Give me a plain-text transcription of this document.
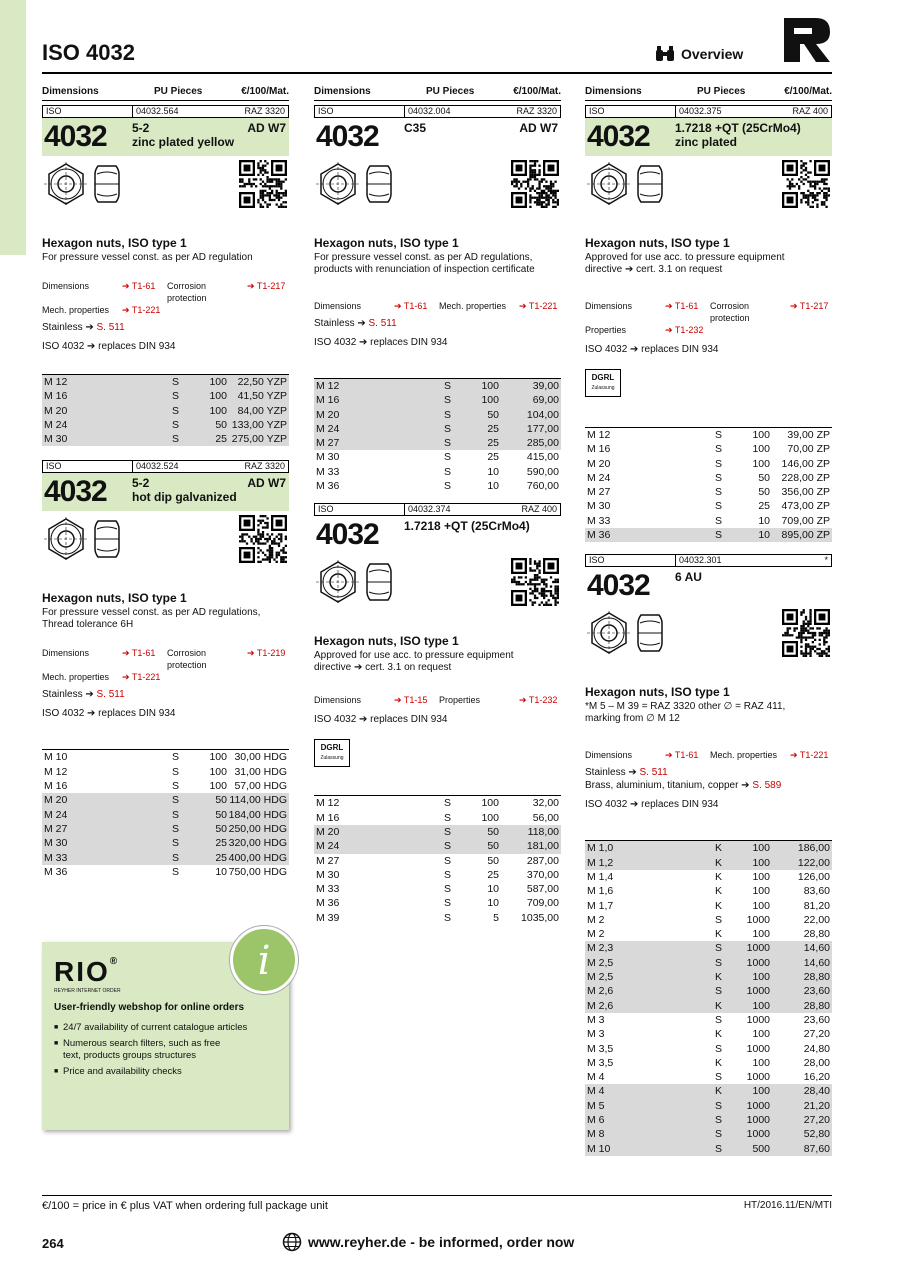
ISO 4032	Overview
Dimensions	PU Pieces	€/100/Mat.
ISO	04032.564	RAZ 3320
4032	5-2
zinc plated yellow
AD W7
Hexagon nuts, ISO type 1
For pressure vessel const. as per AD regulation
Dimensions	➔ T1-61	Corrosion protection
➔ T1-217
Mech. properties	➔ T1-221
Stainless ➔ S. 511
ISO 4032 ➔ replaces DIN 934
M 12	S	100	22,50 YZP
M 16	S	100	41,50 YZP
M 20	S	100	84,00 YZP
M 24	S	50 133,00 YZP
M 30	S	25 275,00 YZP
ISO	04032.524	RAZ 3320
4032	5-2
hot dip galvanized
AD W7
Hexagon nuts, ISO type 1
For pressure vessel const. as per AD regulations,
Thread tolerance 6H
Dimensions	➔ T1-61	Corrosion protection
➔ T1-219
Mech. properties	➔ T1-221
Stainless ➔ S. 511
ISO 4032 ➔ replaces DIN 934
M 10	S	100 30,00 HDG
M 12	S	100 31,00 HDG
M 16	S	100 57,00 HDG
M 20	S	50 114,00 HDG
M 24	S	50 184,00 HDG
M 27	S	50 250,00 HDG
M 30	S	25 320,00 HDG
M 33	S	25 400,00 HDG
M 36	S	10 750,00 HDG
Dimensions	PU Pieces	€/100/Mat.
ISO	04032.004	RAZ 3320
4032	C35	AD W7
Hexagon nuts, ISO type 1
For pressure vessel const. as per AD regulations,
products with renunciation of inspection certificate
Dimensions	➔ T1-61	Mech. properties	➔ T1-221
Stainless ➔ S. 511
ISO 4032 ➔ replaces DIN 934
M 12	S	100	39,00
M 16	S	100	69,00
M 20	S	50	104,00
M 24	S	25	177,00
M 27	S	25	285,00
M 30	S	25	415,00
M 33	S	10	590,00
M 36	S	10	760,00
ISO	04032.374	RAZ 400
4032	1.7218 +QT (25CrMo4)

Hexagon nuts, ISO type 1
Approved for use acc. to pressure equipment
directive ➔ cert. 3.1 on request
Dimensions	➔ T1-15	Properties	➔ T1-232
ISO 4032 ➔ replaces DIN 934
DGRL
Zulassung
M 12	S	100	32,00
M 16	S	100	56,00
M 20	S	50	118,00
M 24	S	50	181,00
M 27	S	50	287,00
M 30	S	25	370,00
M 33	S	10	587,00
M 36	S	10	709,00
M 39	S	5	1035,00
Dimensions	PU Pieces	€/100/Mat.
ISO	04032.375	RAZ 400
4032	1.7218 +QT (25CrMo4)
zinc plated
Hexagon nuts, ISO type 1
Approved for use acc. to pressure equipment
directive ➔ cert. 3.1 on request
Dimensions	➔ T1-61	Corrosion protection
➔ T1-217
Properties	➔ T1-232
ISO 4032 ➔ replaces DIN 934
DGRL
Zulassung
M 12	S	100	39,00 ZP
M 16	S	100	70,00 ZP
M 20	S	100	146,00 ZP
M 24	S	50	228,00 ZP
M 27	S	50	356,00 ZP
M 30	S	25	473,00 ZP
M 33	S	10	709,00 ZP
M 36	S	10	895,00 ZP
ISO	04032.301	*
4032	6 AU

Hexagon nuts, ISO type 1
*M 5 – M 39 = RAZ 3320 other ∅ = RAZ 411,
marking from ∅ M 12
Dimensions	➔ T1-61	Mech. properties	➔ T1-221
Stainless ➔ S. 511
Brass, aluminium, titanium, copper ➔ S. 589
ISO 4032 ➔ replaces DIN 934
M 1,0	K	100	186,00
M 1,2	K	100	122,00
M 1,4	K	100	126,00
M 1,6	K	100	83,60
M 1,7	K	100	81,20
M 2	S	1000	22,00
M 2	K	100	28,80
M 2,3	S	1000	14,60
M 2,5	S	1000	14,60
M 2,5	K	100	28,80
M 2,6	S	1000	23,60
M 2,6	K	100	28,80
M 3	S	1000	23,60
M 3	K	100	27,20
M 3,5	S	1000	24,80
M 3,5	K	100	28,00
M 4	S	1000	16,20
M 4	K	100	28,40
M 5	S	1000	21,20
M 6	S	1000	27,20
M 8	S	1000	52,80
M 10	S	500	87,60
RIO®
REYHER INTERNET ORDER
User-friendly webshop for online orders
■ 24/7 availability of current catalogue articles
■ Numerous search filters, such as free text, products groups structures
■ Price and availability checks
i
€/100 = price in € plus VAT when ordering full package unit	HT/2016.11/EN/MTI
264	www.reyher.de - be informed, order now
